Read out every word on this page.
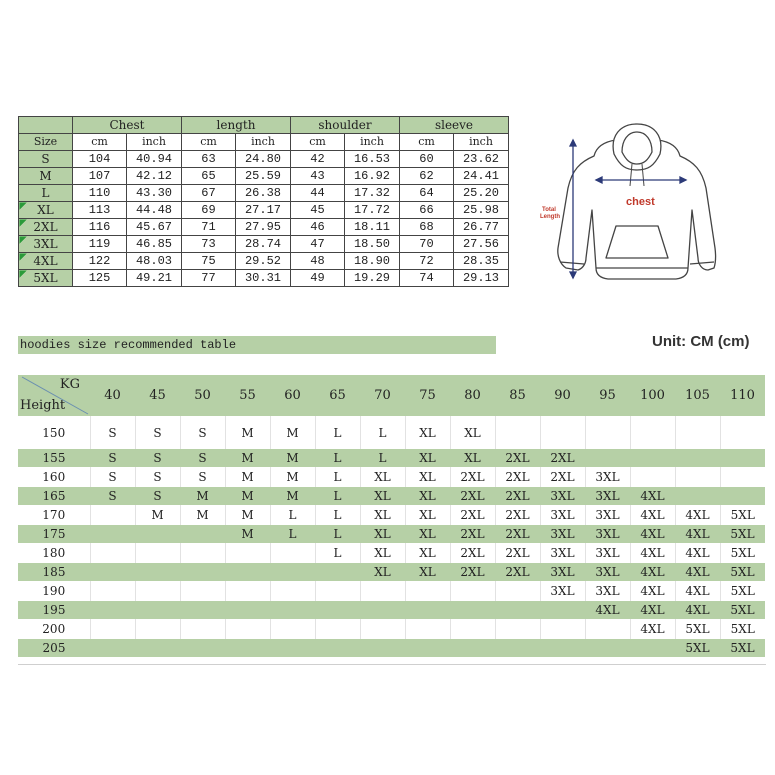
	Chest		length		shoulder		sleeve	
Size	cm	inch	cm	inch	cm	inch	cm	inch
S	104	40.94	63	24.80	42	16.53	60	23.62
M	107	42.12	65	25.59	43	16.92	62	24.41
L	110	43.30	67	26.38	44	17.32	64	25.20
XL	113	44.48	69	27.17	45	17.72	66	25.98
2XL	116	45.67	71	27.95	46	18.11	68	26.77
3XL	119	46.85	73	28.74	47	18.50	70	27.56
4XL	122	48.03	75	29.52	48	18.90	72	28.35
5XL	125	49.21	77	30.31	49	19.29	74	29.13
chest
Total
Length
hoodies size recommended table	Unit: CM (cm)
KG
Height	40	45	50	55	60	65	70	75	80	85	90	95	100	105	110
150	S	S	S	M	M	L	L	XL	XL						
155	S	S	S	M	M	L	L	XL	XL	2XL	2XL				
160	S	S	S	M	M	L	XL	XL	2XL	2XL	2XL	3XL			
165	S	S	M	M	M	L	XL	XL	2XL	2XL	3XL	3XL	4XL		
170		M	M	M	L	L	XL	XL	2XL	2XL	3XL	3XL	4XL	4XL	5XL
175				M	L	L	XL	XL	2XL	2XL	3XL	3XL	4XL	4XL	5XL
180						L	XL	XL	2XL	2XL	3XL	3XL	4XL	4XL	5XL
185							XL	XL	2XL	2XL	3XL	3XL	4XL	4XL	5XL
190											3XL	3XL	4XL	4XL	5XL
195												4XL	4XL	4XL	5XL
200													4XL	5XL	5XL
205														5XL	5XL
